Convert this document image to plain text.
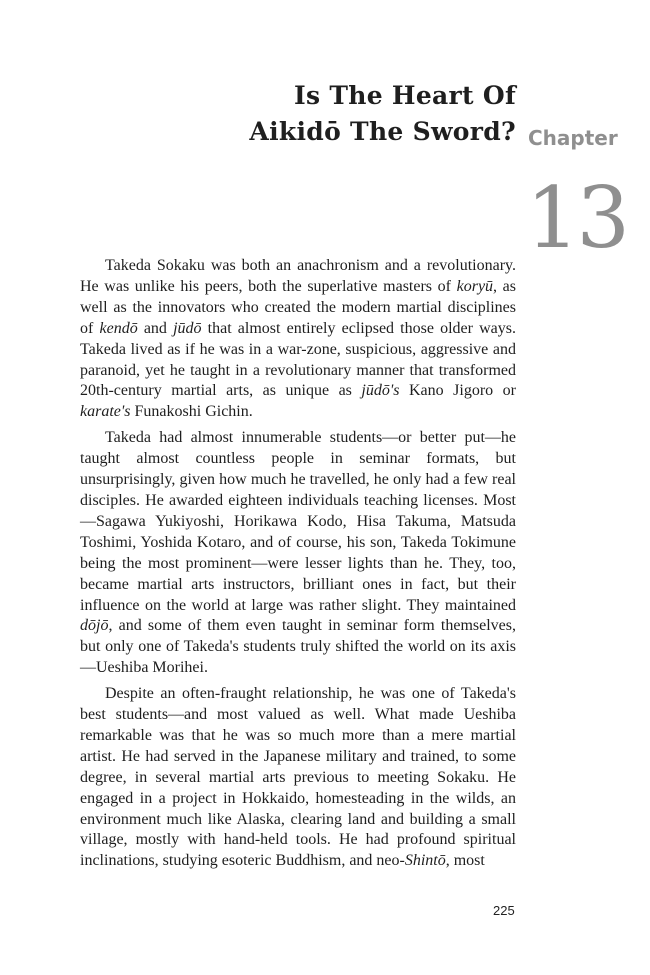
Is The Heart Of
Aikidō The Sword? Chapter
13

Takeda Sokaku was both an anachronism and a revolutionary. He was unlike his peers, both the superlative masters of koryū, as well as the innovators who created the modern martial disciplines of kendō and jūdō that almost entirely eclipsed those older ways. Takeda lived as if he was in a war-zone, suspicious, aggressive and paranoid, yet he taught in a revolutionary manner that transformed 20th-century martial arts, as unique as jūdō's Kano Jigoro or karate's Funakoshi Gichin.

Takeda had almost innumerable students—or better put—he taught almost countless people in seminar formats, but unsurprisingly, given how much he travelled, he only had a few real disciples. He awarded eighteen individuals teaching licenses. Most—Sagawa Yukiyoshi, Horikawa Kodo, Hisa Takuma, Matsuda Toshimi, Yoshida Kotaro, and of course, his son, Takeda Tokimune being the most prominent—were lesser lights than he. They, too, became martial arts instructors, brilliant ones in fact, but their influence on the world at large was rather slight. They maintained dōjō, and some of them even taught in seminar form themselves, but only one of Takeda's students truly shifted the world on its axis—Ueshiba Morihei.

Despite an often-fraught relationship, he was one of Takeda's best students—and most valued as well. What made Ueshiba remarkable was that he was so much more than a mere martial artist. He had served in the Japanese military and trained, to some degree, in several martial arts previous to meeting Sokaku. He engaged in a project in Hokkaido, homesteading in the wilds, an environment much like Alaska, clearing land and building a small village, mostly with hand-held tools. He had profound spiritual inclinations, studying esoteric Buddhism, and neo-Shintō, most

225
